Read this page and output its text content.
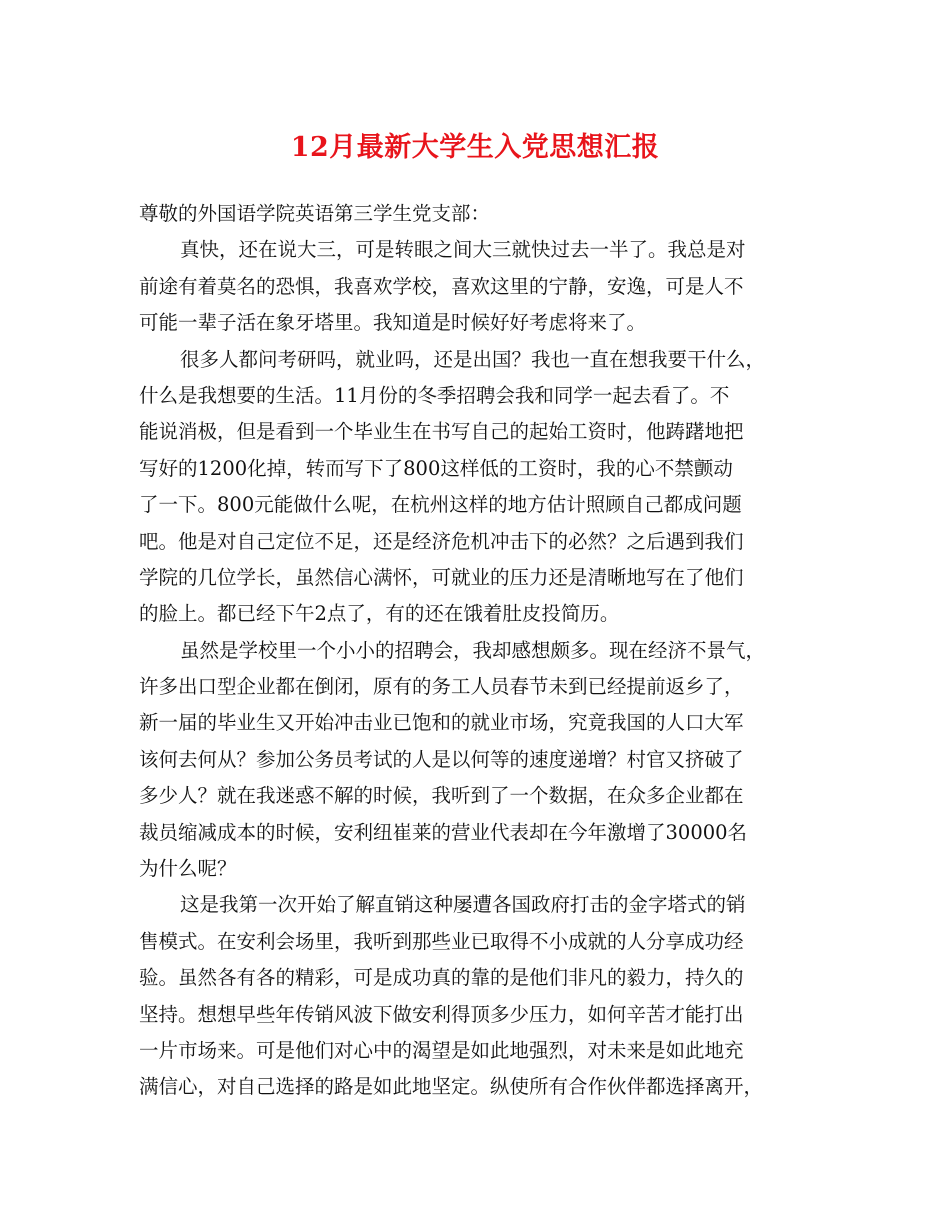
12月最新大学生入党思想汇报
尊敬的外国语学院英语第三学生党支部：
真快，还在说大三，可是转眼之间大三就快过去一半了。我总是对
前途有着莫名的恐惧，我喜欢学校，喜欢这里的宁静，安逸，可是人不
可能一辈子活在象牙塔里。我知道是时候好好考虑将来了。
很多人都问考研吗，就业吗，还是出国？我也一直在想我要干什么，
什么是我想要的生活。11月份的冬季招聘会我和同学一起去看了。不
能说消极，但是看到一个毕业生在书写自己的起始工资时，他踌躇地把
写好的1200化掉，转而写下了800这样低的工资时，我的心不禁颤动
了一下。800元能做什么呢，在杭州这样的地方估计照顾自己都成问题
吧。他是对自己定位不足，还是经济危机冲击下的必然？之后遇到我们
学院的几位学长，虽然信心满怀，可就业的压力还是清晰地写在了他们
的脸上。都已经下午2点了，有的还在饿着肚皮投简历。
虽然是学校里一个小小的招聘会，我却感想颇多。现在经济不景气，
许多出口型企业都在倒闭，原有的务工人员春节未到已经提前返乡了，
新一届的毕业生又开始冲击业已饱和的就业市场，究竟我国的人口大军
该何去何从？参加公务员考试的人是以何等的速度递增？村官又挤破了
多少人？就在我迷惑不解的时候，我听到了一个数据，在众多企业都在
裁员缩减成本的时候，安利纽崔莱的营业代表却在今年激增了30000名
为什么呢？
这是我第一次开始了解直销这种屡遭各国政府打击的金字塔式的销
售模式。在安利会场里，我听到那些业已取得不小成就的人分享成功经
验。虽然各有各的精彩，可是成功真的靠的是他们非凡的毅力，持久的
坚持。想想早些年传销风波下做安利得顶多少压力，如何辛苦才能打出
一片市场来。可是他们对心中的渴望是如此地强烈，对未来是如此地充
满信心，对自己选择的路是如此地坚定。纵使所有合作伙伴都选择离开，
